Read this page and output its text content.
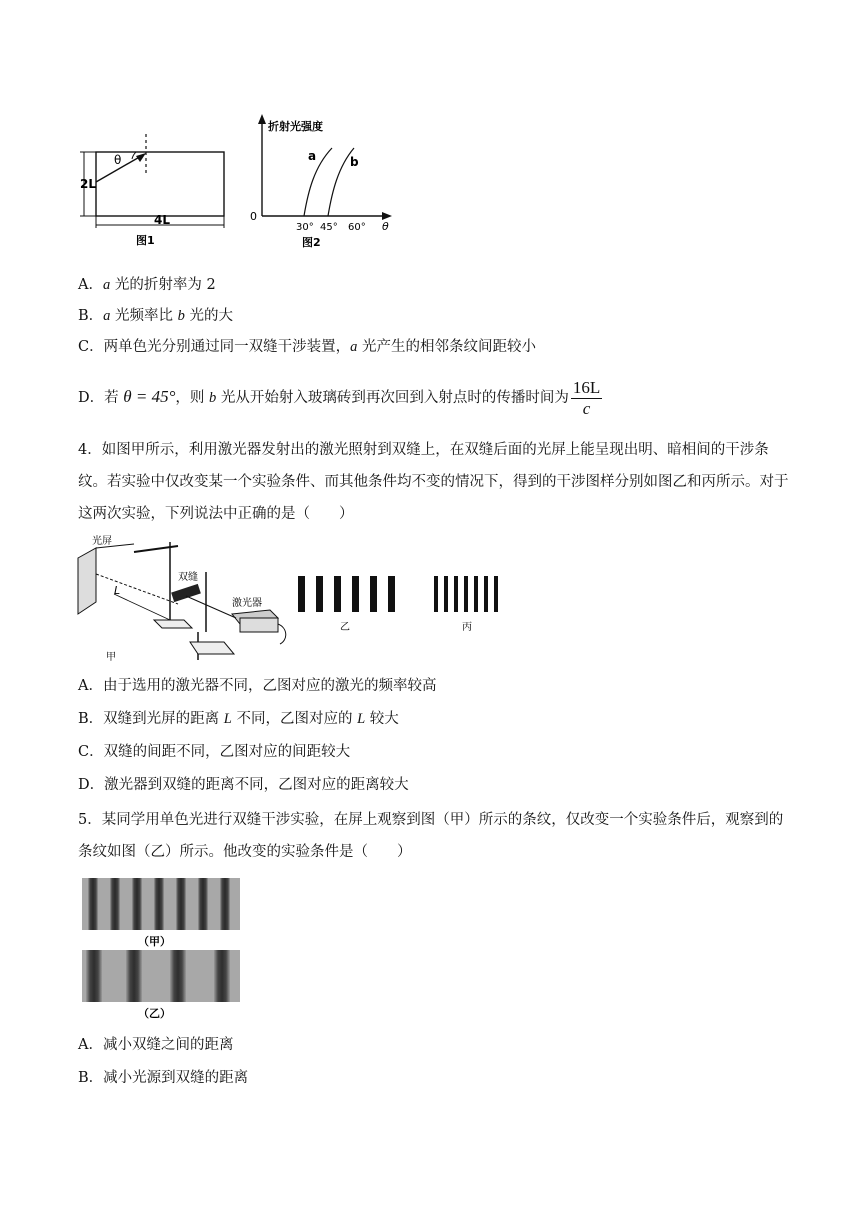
θ
2L
4L
图1
折射光强度
0
a	b
30° 45° 60° θ
图2
A．a 光的折射率为 2
B．a 光频率比 b 光的大
C．两单色光分别通过同一双缝干涉装置，a 光产生的相邻条纹间距较小
D．若 θ = 45°，则 b 光从开始射入玻璃砖到再次回到入射点时的传播时间为 $\frac{16L}{c}$
4．如图甲所示，利用激光器发射出的激光照射到双缝上，在双缝后面的光屏上能呈现出明、暗相间的干涉条纹。若实验中仅改变某一个实验条件、而其他条件均不变的情况下，得到的干涉图样分别如图乙和丙所示。对于这两次实验，下列说法中正确的是（　　）
光屏
L
双缝
激光器
甲
乙	丙
A．由于选用的激光器不同，乙图对应的激光的频率较高
B．双缝到光屏的距离 L 不同，乙图对应的 L 较大
C．双缝的间距不同，乙图对应的间距较大
D．激光器到双缝的距离不同，乙图对应的距离较大
5．某同学用单色光进行双缝干涉实验，在屏上观察到图（甲）所示的条纹，仅改变一个实验条件后，观察到的条纹如图（乙）所示。他改变的实验条件是（　　）
（甲）
（乙）
A．减小双缝之间的距离
B．减小光源到双缝的距离
